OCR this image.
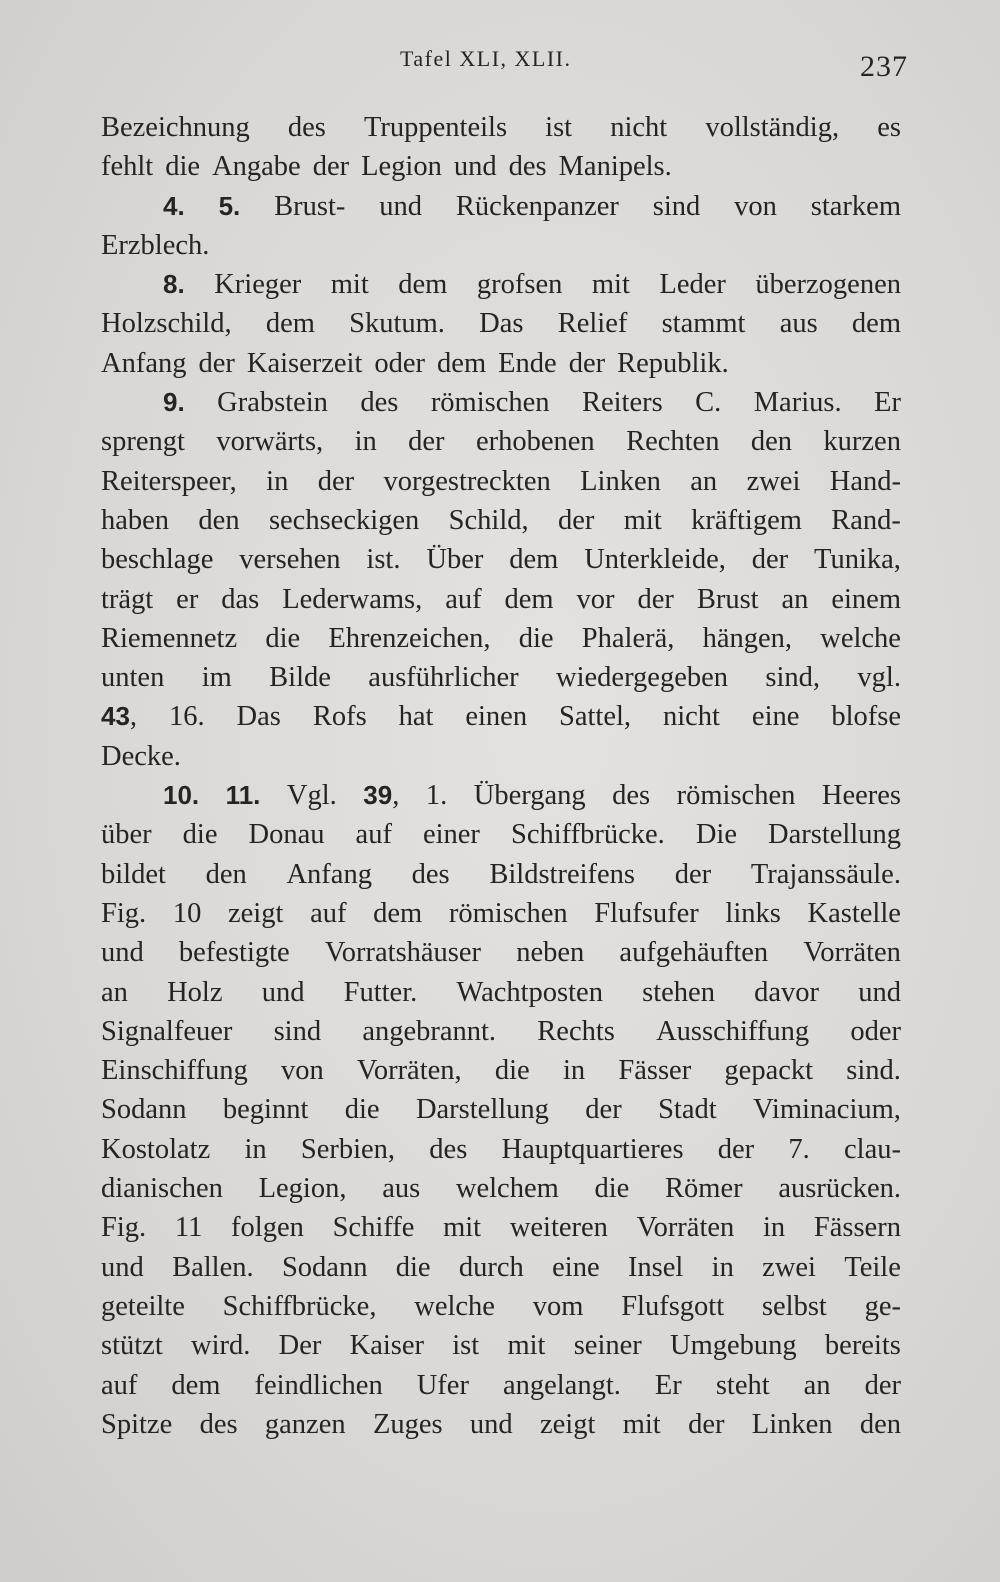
Tafel XLI, XLII.	237
Bezeichnung des Truppenteils ist nicht vollständig, es
fehlt die Angabe der Legion und des Manipels.
4. 5. Brust- und Rückenpanzer sind von starkem
Erzblech.
8. Krieger mit dem grofsen mit Leder überzogenen
Holzschild, dem Skutum. Das Relief stammt aus dem
Anfang der Kaiserzeit oder dem Ende der Republik.
9. Grabstein des römischen Reiters C. Marius. Er
sprengt vorwärts, in der erhobenen Rechten den kurzen
Reiterspeer, in der vorgestreckten Linken an zwei Hand-
haben den sechseckigen Schild, der mit kräftigem Rand-
beschlage versehen ist. Über dem Unterkleide, der Tunika,
trägt er das Lederwams, auf dem vor der Brust an einem
Riemennetz die Ehrenzeichen, die Phalerä, hängen, welche
unten im Bilde ausführlicher wiedergegeben sind, vgl.
43, 16. Das Rofs hat einen Sattel, nicht eine blofse
Decke.
10. 11. Vgl. 39, 1. Übergang des römischen Heeres
über die Donau auf einer Schiffbrücke. Die Darstellung
bildet den Anfang des Bildstreifens der Trajanssäule.
Fig. 10 zeigt auf dem römischen Flufsufer links Kastelle
und befestigte Vorratshäuser neben aufgehäuften Vorräten
an Holz und Futter. Wachtposten stehen davor und
Signalfeuer sind angebrannt. Rechts Ausschiffung oder
Einschiffung von Vorräten, die in Fässer gepackt sind.
Sodann beginnt die Darstellung der Stadt Viminacium,
Kostolatz in Serbien, des Hauptquartieres der 7. clau-
dianischen Legion, aus welchem die Römer ausrücken.
Fig. 11 folgen Schiffe mit weiteren Vorräten in Fässern
und Ballen. Sodann die durch eine Insel in zwei Teile
geteilte Schiffbrücke, welche vom Flufsgott selbst ge-
stützt wird. Der Kaiser ist mit seiner Umgebung bereits
auf dem feindlichen Ufer angelangt. Er steht an der
Spitze des ganzen Zuges und zeigt mit der Linken den
